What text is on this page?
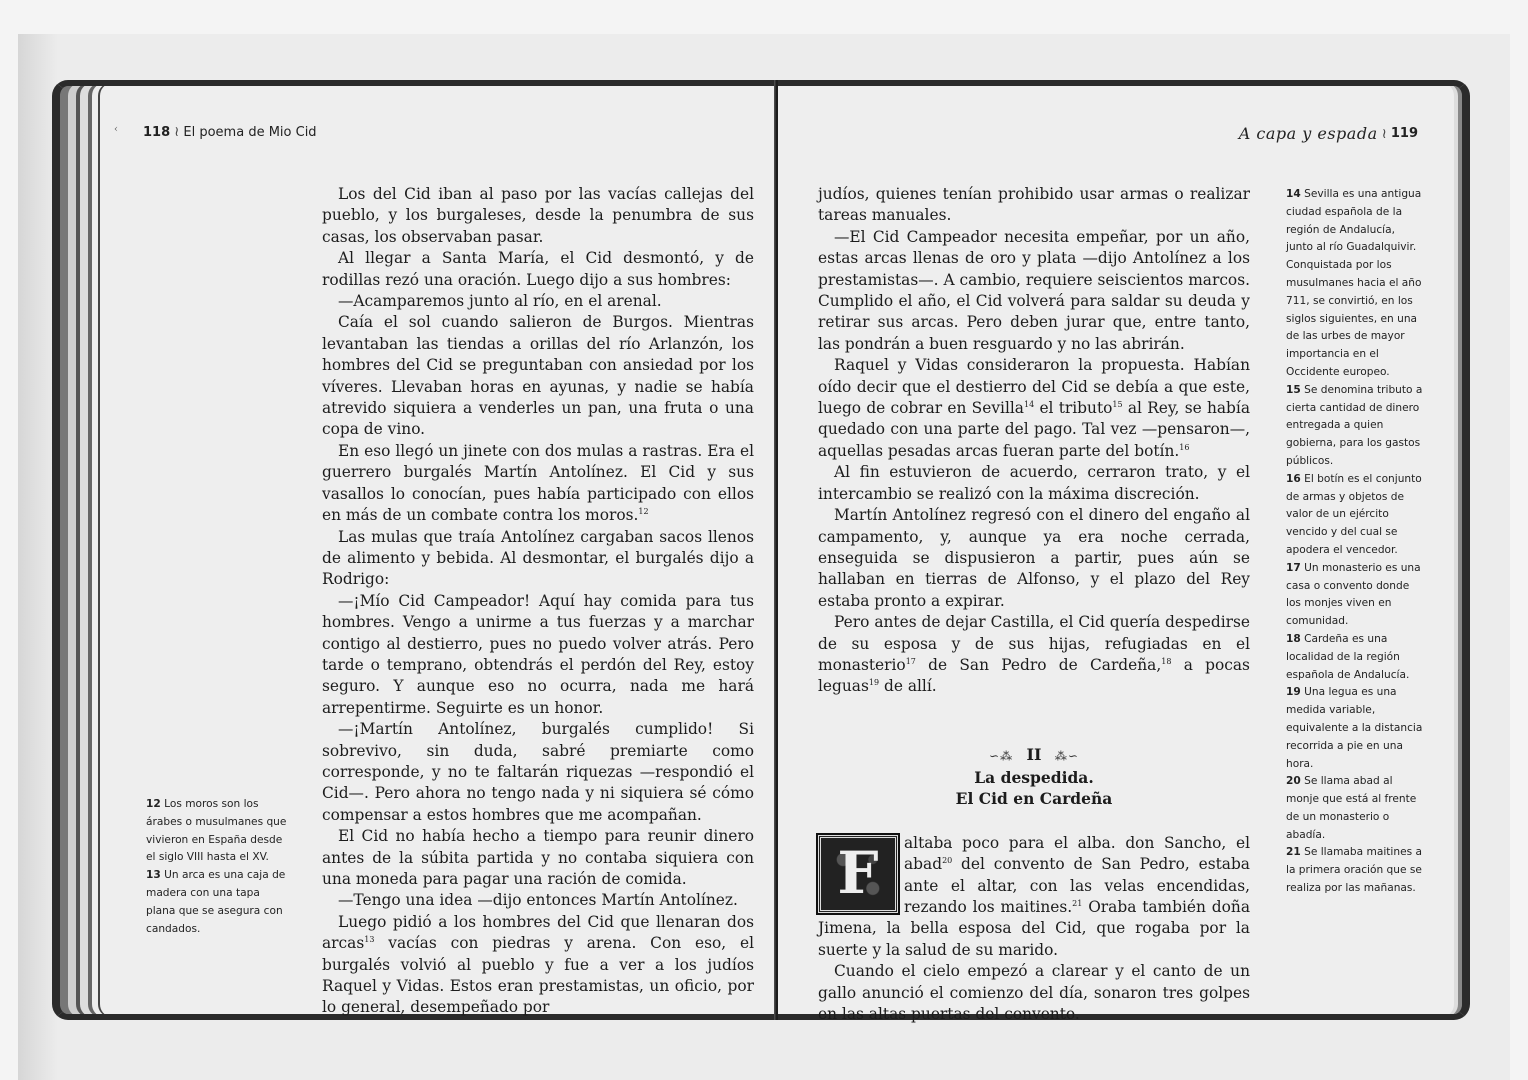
‹ 118 ≀ El poema de Mio Cid

Los del Cid iban al paso por las vacías callejas del pueblo, y los burgaleses, desde la penumbra de sus casas, los observaban pasar.

Al llegar a Santa María, el Cid desmontó, y de rodillas rezó una oración. Luego dijo a sus hombres:

—Acamparemos junto al río, en el arenal.

Caía el sol cuando salieron de Burgos. Mientras levantaban las tiendas a orillas del río Arlanzón, los hombres del Cid se preguntaban con ansiedad por los víveres. Llevaban horas en ayunas, y nadie se había atrevido siquiera a venderles un pan, una fruta o una copa de vino.

En eso llegó un jinete con dos mulas a rastras. Era el guerrero burgalés Martín Antolínez. El Cid y sus vasallos lo conocían, pues había participado con ellos en más de un combate contra los moros.$^{12}$

Las mulas que traía Antolínez cargaban sacos llenos de alimento y bebida. Al desmontar, el burgalés dijo a Rodrigo:

—¡Mío Cid Campeador! Aquí hay comida para tus hombres. Vengo a unirme a tus fuerzas y a marchar contigo al destierro, pues no puedo volver atrás. Pero tarde o temprano, obtendrás el perdón del Rey, estoy seguro. Y aunque eso no ocurra, nada me hará arrepentirme. Seguirte es un honor.

—¡Martín Antolínez, burgalés cumplido! Si sobrevivo, sin duda, sabré premiarte como corresponde, y no te faltarán riquezas —respondió el Cid—. Pero ahora no tengo nada y ni siquiera sé cómo compensar a estos hombres que me acompañan.

El Cid no había hecho a tiempo para reunir dinero antes de la súbita partida y no contaba siquiera con una moneda para pagar una ración de comida.

—Tengo una idea —dijo entonces Martín Antolínez.

Luego pidió a los hombres del Cid que llenaran dos arcas$^{13}$ vacías con piedras y arena. Con eso, el burgalés volvió al pueblo y fue a ver a los judíos Raquel y Vidas. Estos eran prestamistas, un oficio, por lo general, desempeñado por

12 Los moros son los árabes o musulmanes que vivieron en España desde el siglo VIII hasta el XV.
13 Un arca es una caja de madera con una tapa plana que se asegura con candados.
A capa y espada ≀ 119

judíos, quienes tenían prohibido usar armas o realizar tareas manuales.

—El Cid Campeador necesita empeñar, por un año, estas arcas llenas de oro y plata —dijo Antolínez a los prestamistas—. A cambio, requiere seiscientos marcos. Cumplido el año, el Cid volverá para saldar su deuda y retirar sus arcas. Pero deben jurar que, entre tanto, las pondrán a buen resguardo y no las abrirán.

Raquel y Vidas consideraron la propuesta. Habían oído decir que el destierro del Cid se debía a que este, luego de cobrar en Sevilla$^{14}$ el tributo$^{15}$ al Rey, se había quedado con una parte del pago. Tal vez —pensaron—, aquellas pesadas arcas fueran parte del botín.$^{16}$

Al fin estuvieron de acuerdo, cerraron trato, y el intercambio se realizó con la máxima discreción.

Martín Antolínez regresó con el dinero del engaño al campamento, y, aunque ya era noche cerrada, enseguida se dispusieron a partir, pues aún se hallaban en tierras de Alfonso, y el plazo del Rey estaba pronto a expirar.

Pero antes de dejar Castilla, el Cid quería despedirse de su esposa y de sus hijas, refugiadas en el monasterio$^{17}$ de San Pedro de Cardeña,$^{18}$ a pocas leguas$^{19}$ de allí.

∽⁂ II ⁂∽
La despedida.
El Cid en Cardeña

F	altaba poco para el alba. don Sancho, el abad$^{20}$ del convento de San Pedro, estaba ante el altar, con las velas encendidas, rezando los maitines.$^{21}$ Oraba también doña Jimena, la bella esposa del Cid, que rogaba por la suerte y la salud de su marido.

Cuando el cielo empezó a clarear y el canto de un gallo anunció el comienzo del día, sonaron tres golpes en las altas puertas del convento.

14 Sevilla es una antigua ciudad española de la región de Andalucía, junto al río Guadalquivir. Conquistada por los musulmanes hacia el año 711, se convirtió, en los siglos siguientes, en una de las urbes de mayor importancia en el Occidente europeo.
15 Se denomina tributo a cierta cantidad de dinero entregada a quien gobierna, para los gastos públicos.
16 El botín es el conjunto de armas y objetos de valor de un ejército vencido y del cual se apodera el vencedor.
17 Un monasterio es una casa o convento donde los monjes viven en comunidad.
18 Cardeña es una localidad de la región española de Andalucía.
19 Una legua es una medida variable, equivalente a la distancia recorrida a pie en una hora.
20 Se llama abad al monje que está al frente de un monasterio o abadía.
21 Se llamaba maitines a la primera oración que se realiza por las mañanas.
